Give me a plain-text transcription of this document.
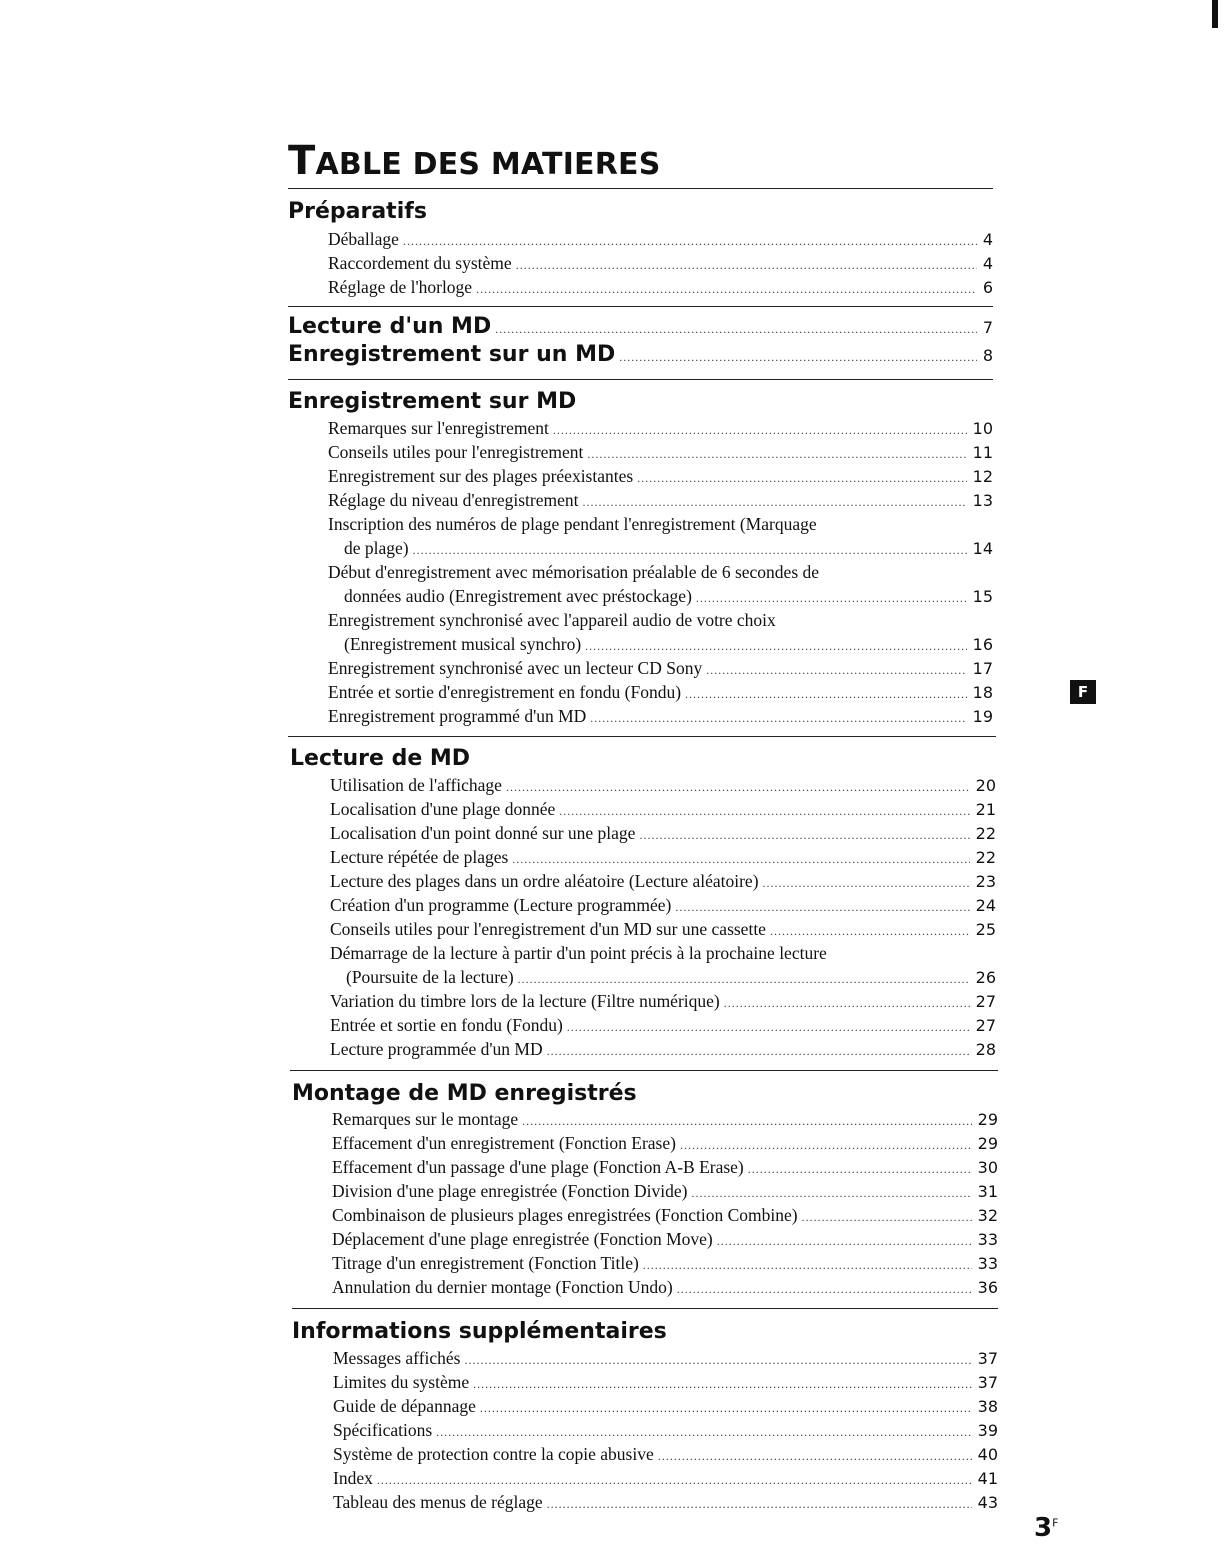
TABLE DES MATIERES
Préparatifs
Déballage .....	4
Raccordement du système .....	4
Réglage de l'horloge .....	6
Lecture d'un MD .....	7
Enregistrement sur un MD .....	8
Enregistrement sur MD
Remarques sur l'enregistrement .....	10
Conseils utiles pour l'enregistrement .....	11
Enregistrement sur des plages préexistantes .....	12
Réglage du niveau d'enregistrement .....	13
Inscription des numéros de plage pendant l'enregistrement (Marquage
de plage) .....	14
Début d'enregistrement avec mémorisation préalable de 6 secondes de
données audio (Enregistrement avec préstockage) .....	15
Enregistrement synchronisé avec l'appareil audio de votre choix
(Enregistrement musical synchro) .....	16
Enregistrement synchronisé avec un lecteur CD Sony .....	17
Entrée et sortie d'enregistrement en fondu (Fondu) .....	18
Enregistrement programmé d'un MD .....	19
Lecture de MD
Utilisation de l'affichage .....	20
Localisation d'une plage donnée .....	21
Localisation d'un point donné sur une plage .....	22
Lecture répétée de plages .....	22
Lecture des plages dans un ordre aléatoire (Lecture aléatoire) .....	23
Création d'un programme (Lecture programmée) .....	24
Conseils utiles pour l'enregistrement d'un MD sur une cassette .....	25
Démarrage de la lecture à partir d'un point précis à la prochaine lecture
(Poursuite de la lecture) .....	26
Variation du timbre lors de la lecture (Filtre numérique) .....	27
Entrée et sortie en fondu (Fondu) .....	27
Lecture programmée d'un MD .....	28
Montage de MD enregistrés
Remarques sur le montage .....	29
Effacement d'un enregistrement (Fonction Erase) .....	29
Effacement d'un passage d'une plage (Fonction A-B Erase) .....	30
Division d'une plage enregistrée (Fonction Divide) .....	31
Combinaison de plusieurs plages enregistrées (Fonction Combine) .....	32
Déplacement d'une plage enregistrée (Fonction Move) .....	33
Titrage d'un enregistrement (Fonction Title) .....	33
Annulation du dernier montage (Fonction Undo) .....	36
Informations supplémentaires
Messages affichés .....	37
Limites du système .....	37
Guide de dépannage .....	38
Spécifications .....	39
Système de protection contre la copie abusive .....	40
Index .....	41
Tableau des menus de réglage .....	43
F
$3^F$
